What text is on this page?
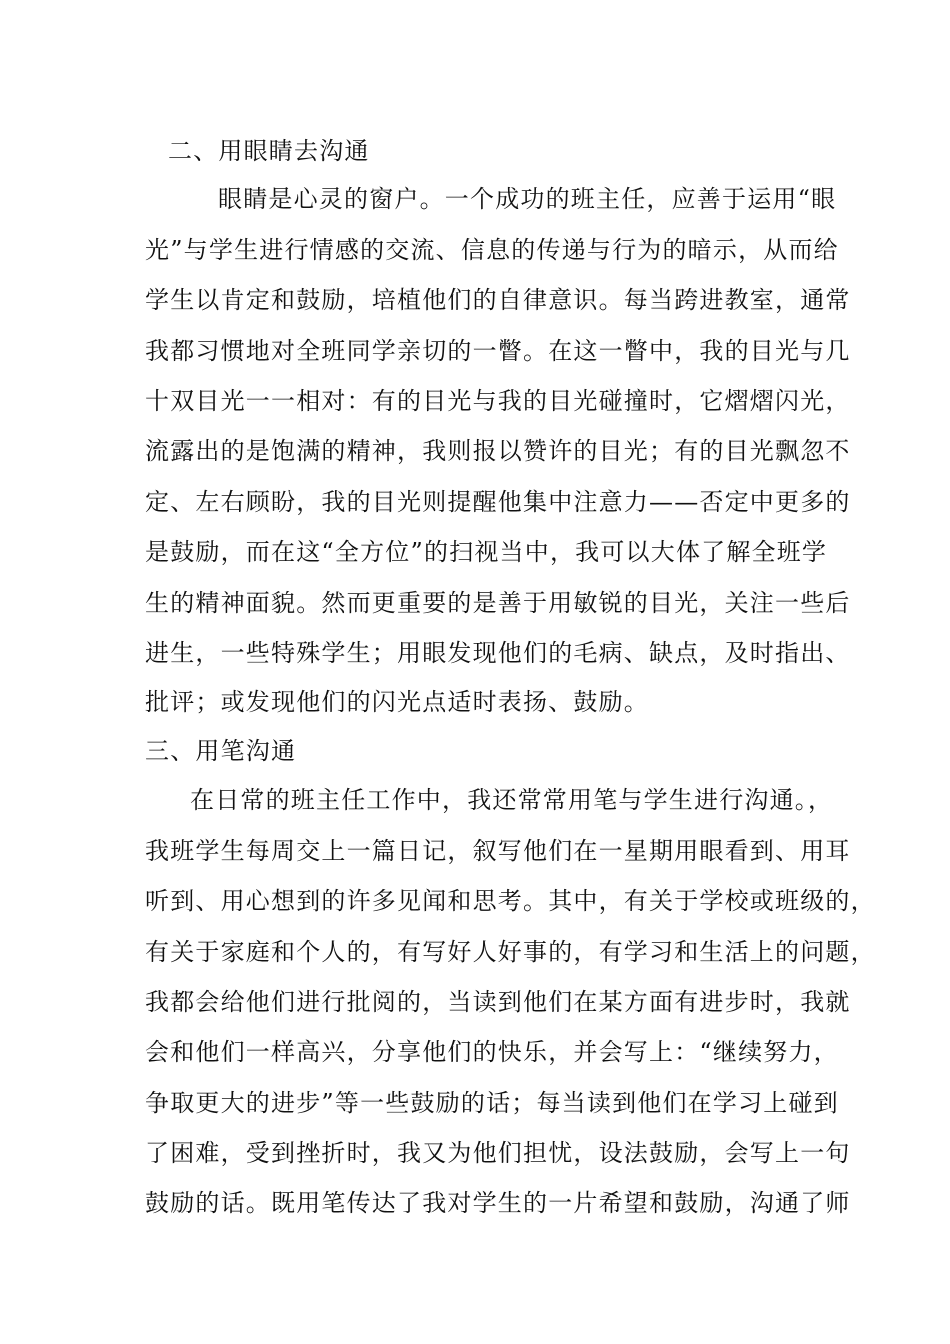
二、用眼睛去沟通
眼睛是心灵的窗户。一个成功的班主任，应善于运用“眼
光”与学生进行情感的交流、信息的传递与行为的暗示，从而给
学生以肯定和鼓励，培植他们的自律意识。每当跨进教室，通常
我都习惯地对全班同学亲切的一瞥。在这一瞥中，我的目光与几
十双目光一一相对：有的目光与我的目光碰撞时，它熠熠闪光，
流露出的是饱满的精神，我则报以赞许的目光；有的目光飘忽不
定、左右顾盼，我的目光则提醒他集中注意力——否定中更多的
是鼓励，而在这“全方位”的扫视当中，我可以大体了解全班学
生的精神面貌。然而更重要的是善于用敏锐的目光，关注一些后
进生，一些特殊学生；用眼发现他们的毛病、缺点，及时指出、
批评；或发现他们的闪光点适时表扬、鼓励。
三、用笔沟通
在日常的班主任工作中，我还常常用笔与学生进行沟通。，
我班学生每周交上一篇日记，叙写他们在一星期用眼看到、用耳
听到、用心想到的许多见闻和思考。其中，有关于学校或班级的，
有关于家庭和个人的，有写好人好事的，有学习和生活上的问题，
我都会给他们进行批阅的，当读到他们在某方面有进步时，我就
会和他们一样高兴，分享他们的快乐，并会写上：“继续努力，
争取更大的进步”等一些鼓励的话；每当读到他们在学习上碰到
了困难，受到挫折时，我又为他们担忧，设法鼓励，会写上一句
鼓励的话。既用笔传达了我对学生的一片希望和鼓励，沟通了师
